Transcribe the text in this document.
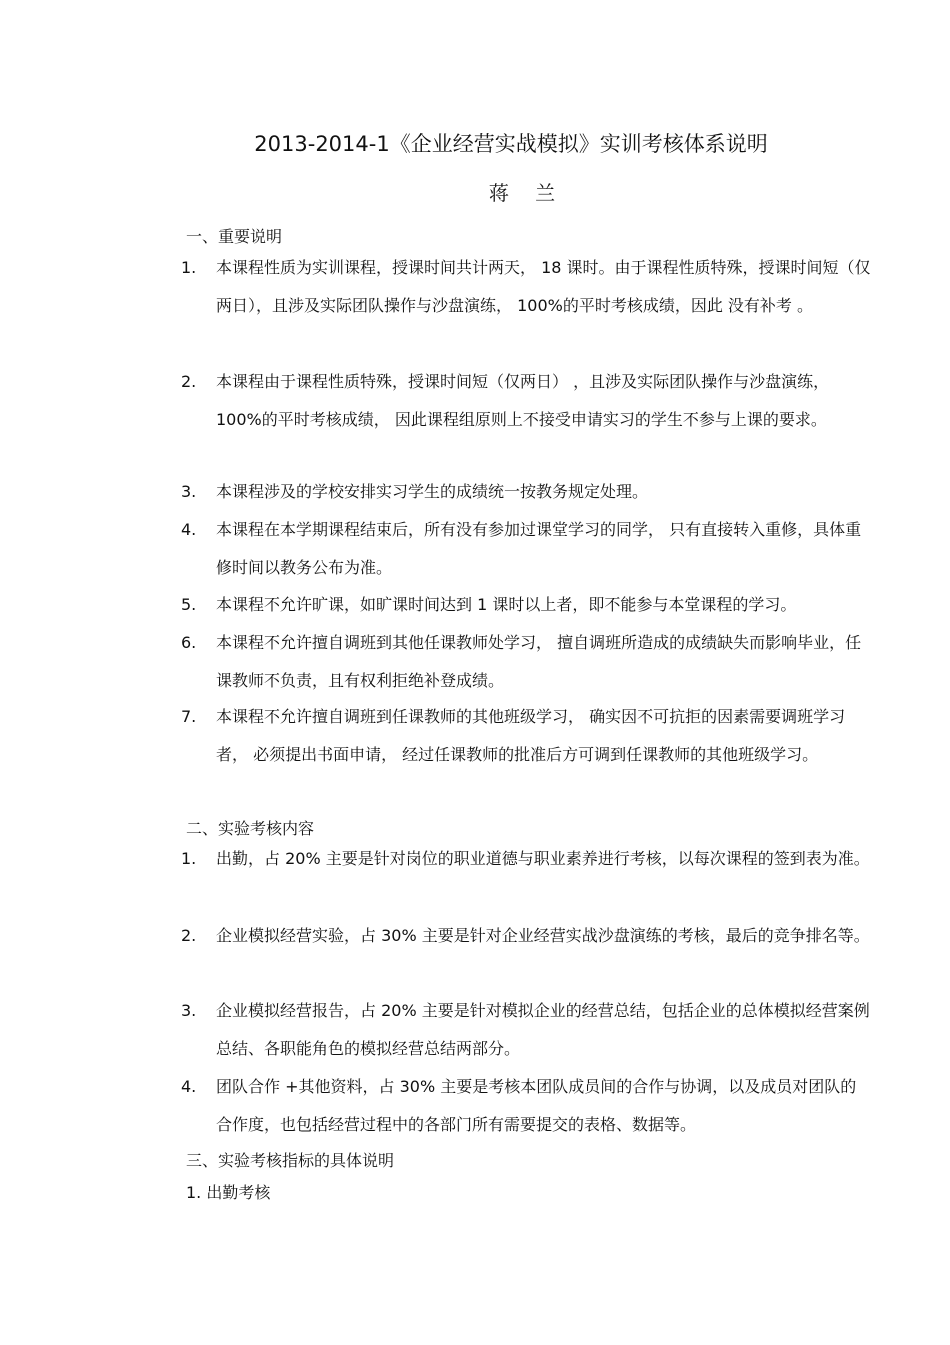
2013-2014-1《企业经营实战模拟》实训考核体系说明
蒋 兰
一、重要说明
1. 本课程性质为实训课程，授课时间共计两天， 18 课时。由于课程性质特殊，授课时间短（仅两日），且涉及实际团队操作与沙盘演练， 100%的平时考核成绩，因此 没有补考 。
2. 本课程由于课程性质特殊，授课时间短（仅两日） ，且涉及实际团队操作与沙盘演练，100%的平时考核成绩， 因此课程组原则上不接受申请实习的学生不参与上课的要求。
3. 本课程涉及的学校安排实习学生的成绩统一按教务规定处理。
4. 本课程在本学期课程结束后，所有没有参加过课堂学习的同学， 只有直接转入重修，具体重修时间以教务公布为准。
5. 本课程不允许旷课，如旷课时间达到 1 课时以上者，即不能参与本堂课程的学习。
6. 本课程不允许擅自调班到其他任课教师处学习， 擅自调班所造成的成绩缺失而影响毕业，任课教师不负责，且有权利拒绝补登成绩。
7. 本课程不允许擅自调班到任课教师的其他班级学习， 确实因不可抗拒的因素需要调班学习者， 必须提出书面申请， 经过任课教师的批准后方可调到任课教师的其他班级学习。
二、实验考核内容
1. 出勤，占 20% 主要是针对岗位的职业道德与职业素养进行考核，以每次课程的签到表为准。
2. 企业模拟经营实验，占 30% 主要是针对企业经营实战沙盘演练的考核，最后的竞争排名等。
3. 企业模拟经营报告，占 20% 主要是针对模拟企业的经营总结，包括企业的总体模拟经营案例总结、各职能角色的模拟经营总结两部分。
4. 团队合作 +其他资料，占 30% 主要是考核本团队成员间的合作与协调，以及成员对团队的合作度，也包括经营过程中的各部门所有需要提交的表格、数据等。
三、实验考核指标的具体说明
1. 出勤考核
